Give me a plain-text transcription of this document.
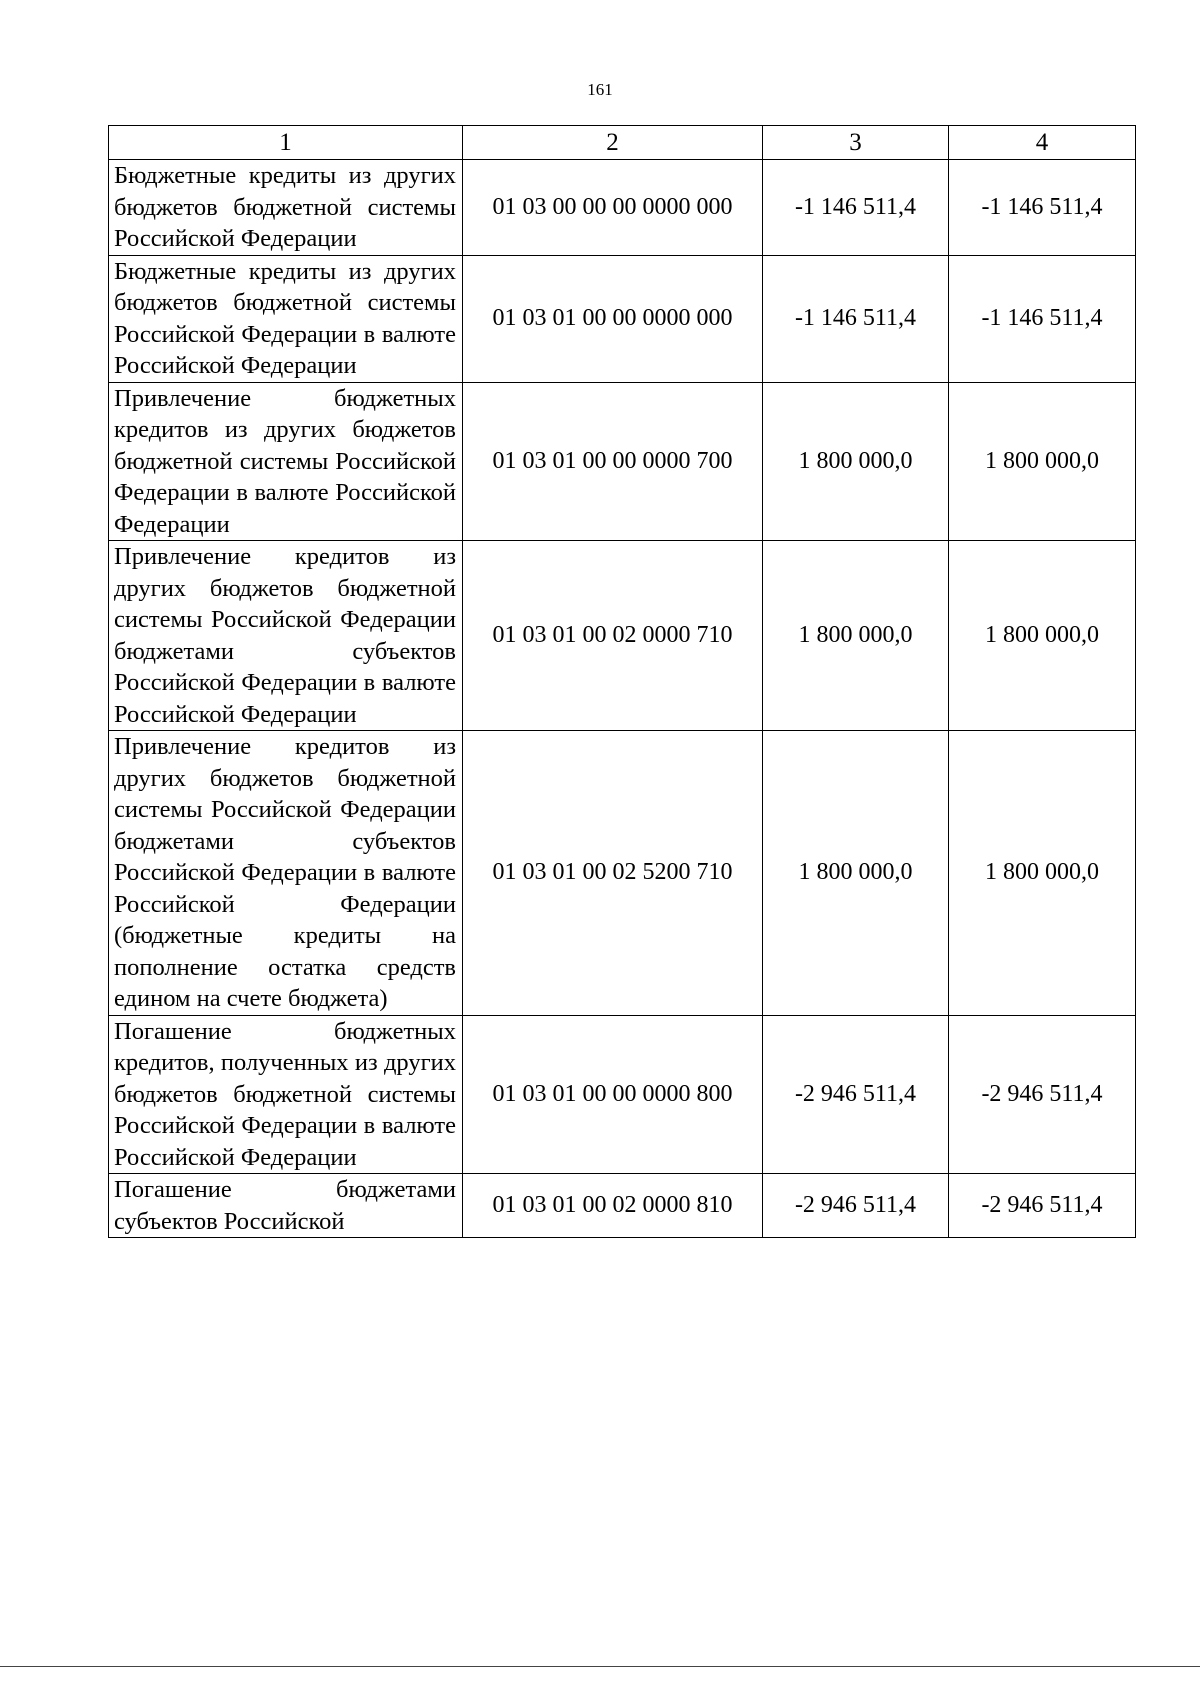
161
1	2	3	4
Бюджетные кредиты из других бюджетов бюджетной системы Российской Федерации	01 03 00 00 00 0000 000	-1 146 511,4	-1 146 511,4
Бюджетные кредиты из других бюджетов бюджетной системы Российской Федерации в валюте Российской Федерации	01 03 01 00 00 0000 000	-1 146 511,4	-1 146 511,4
Привлечение бюджетных кредитов из других бюджетов бюджетной системы Российской Федерации в валюте Российской Федерации	01 03 01 00 00 0000 700	1 800 000,0	1 800 000,0
Привлечение кредитов из других бюджетов бюджетной системы Российской Федерации бюджетами субъектов Российской Федерации в валюте Российской Федерации	01 03 01 00 02 0000 710	1 800 000,0	1 800 000,0
Привлечение кредитов из других бюджетов бюджетной системы Российской Федерации бюджетами субъектов Российской Федерации в валюте Российской Федерации (бюджетные кредиты на пополнение остатка средств едином на счете бюджета)	01 03 01 00 02 5200 710	1 800 000,0	1 800 000,0
Погашение бюджетных кредитов, полученных из других бюджетов бюджетной системы Российской Федерации в валюте Российской Федерации	01 03 01 00 00 0000 800	-2 946 511,4	-2 946 511,4
Погашение бюджетами субъектов Российской	01 03 01 00 02 0000 810	-2 946 511,4	-2 946 511,4
